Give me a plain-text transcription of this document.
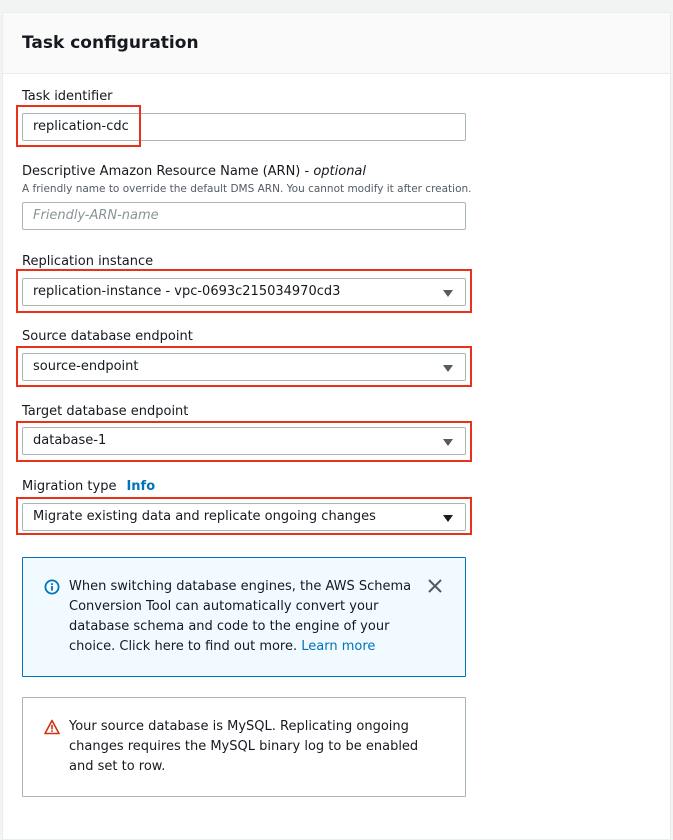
Task configuration
Task identifier
replication-cdc
Descriptive Amazon Resource Name (ARN) - optional
A friendly name to override the default DMS ARN. You cannot modify it after creation.
Friendly-ARN-name
Replication instance
replication-instance - vpc-0693c215034970cd3
Source database endpoint
source-endpoint
Target database endpoint
database-1
Migration type Info
Migrate existing data and replicate ongoing changes
When switching database engines, the AWS Schema Conversion Tool can automatically convert your database schema and code to the engine of your choice. Click here to find out more. Learn more
Your source database is MySQL. Replicating ongoing changes requires the MySQL binary log to be enabled and set to row.
